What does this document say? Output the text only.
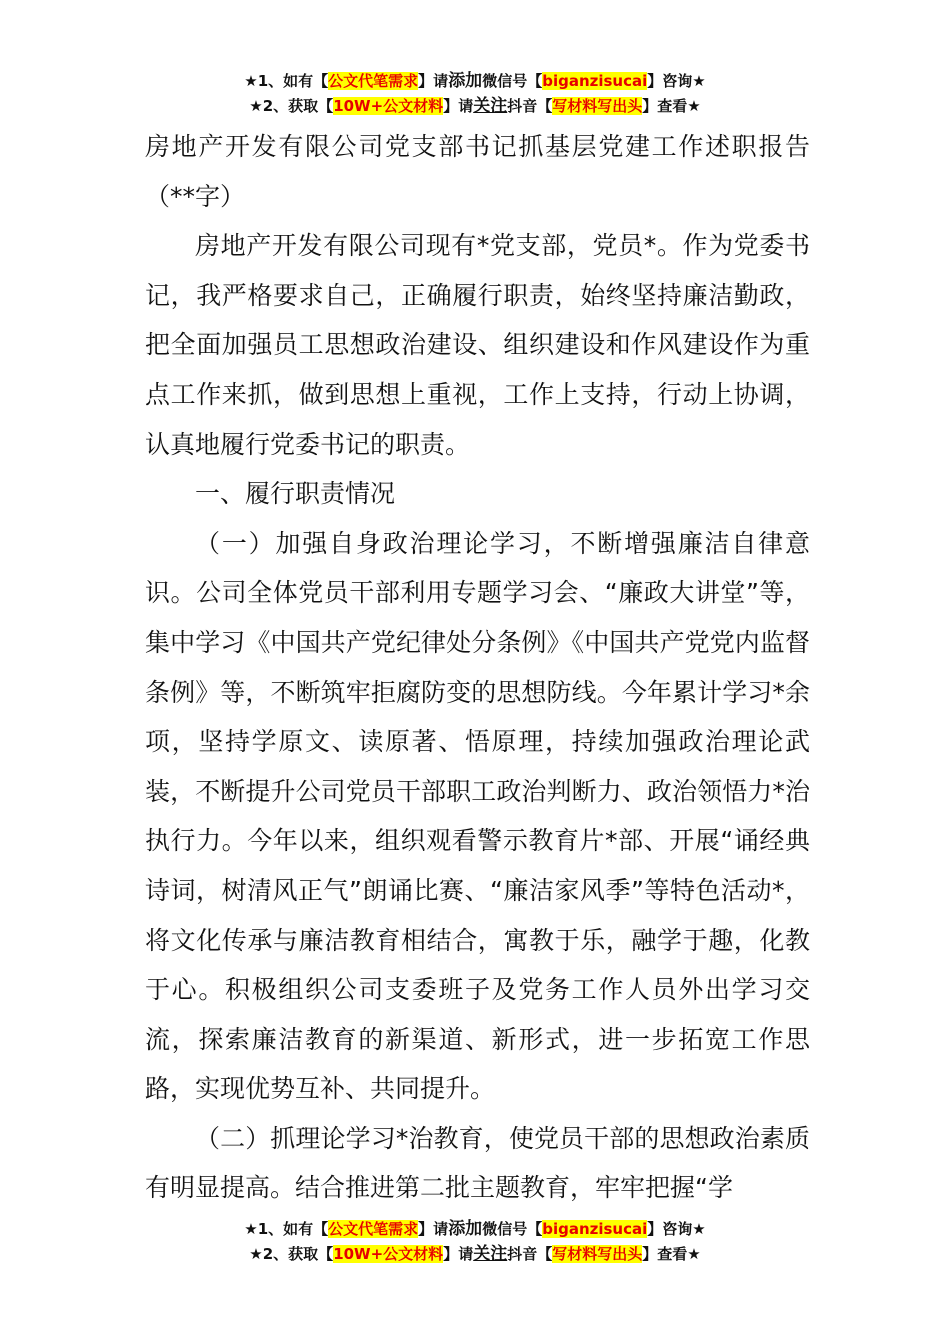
★1、如有【公文代笔需求】请添加微信号【biganzisucai】咨询★
★2、获取【10W+公文材料】请关注抖音【写材料写出头】查看★

房地产开发有限公司党支部书记抓基层党建工作述职报告（**字）

房地产开发有限公司现有*党支部，党员*。作为党委书记，我严格要求自己，正确履行职责，始终坚持廉洁勤政，把全面加强员工思想政治建设、组织建设和作风建设作为重点工作来抓，做到思想上重视，工作上支持，行动上协调，认真地履行党委书记的职责。

一、履行职责情况

（一）加强自身政治理论学习，不断增强廉洁自律意识。公司全体党员干部利用专题学习会、“廉政大讲堂”等，集中学习《中国共产党纪律处分条例》《中国共产党党内监督条例》等，不断筑牢拒腐防变的思想防线。今年累计学习*余项，坚持学原文、读原著、悟原理，持续加强政治理论武装，不断提升公司党员干部职工政治判断力、政治领悟力*治执行力。今年以来，组织观看警示教育片*部、开展“诵经典诗词，树清风正气”朗诵比赛、“廉洁家风季”等特色活动*，将文化传承与廉洁教育相结合，寓教于乐，融学于趣，化教于心。积极组织公司支委班子及党务工作人员外出学习交流，探索廉洁教育的新渠道、新形式，进一步拓宽工作思路，实现优势互补、共同提升。

（二）抓理论学习*治教育，使党员干部的思想政治素质有明显提高。结合推进第二批主题教育，牢牢把握“学

★1、如有【公文代笔需求】请添加微信号【biganzisucai】咨询★
★2、获取【10W+公文材料】请关注抖音【写材料写出头】查看★
